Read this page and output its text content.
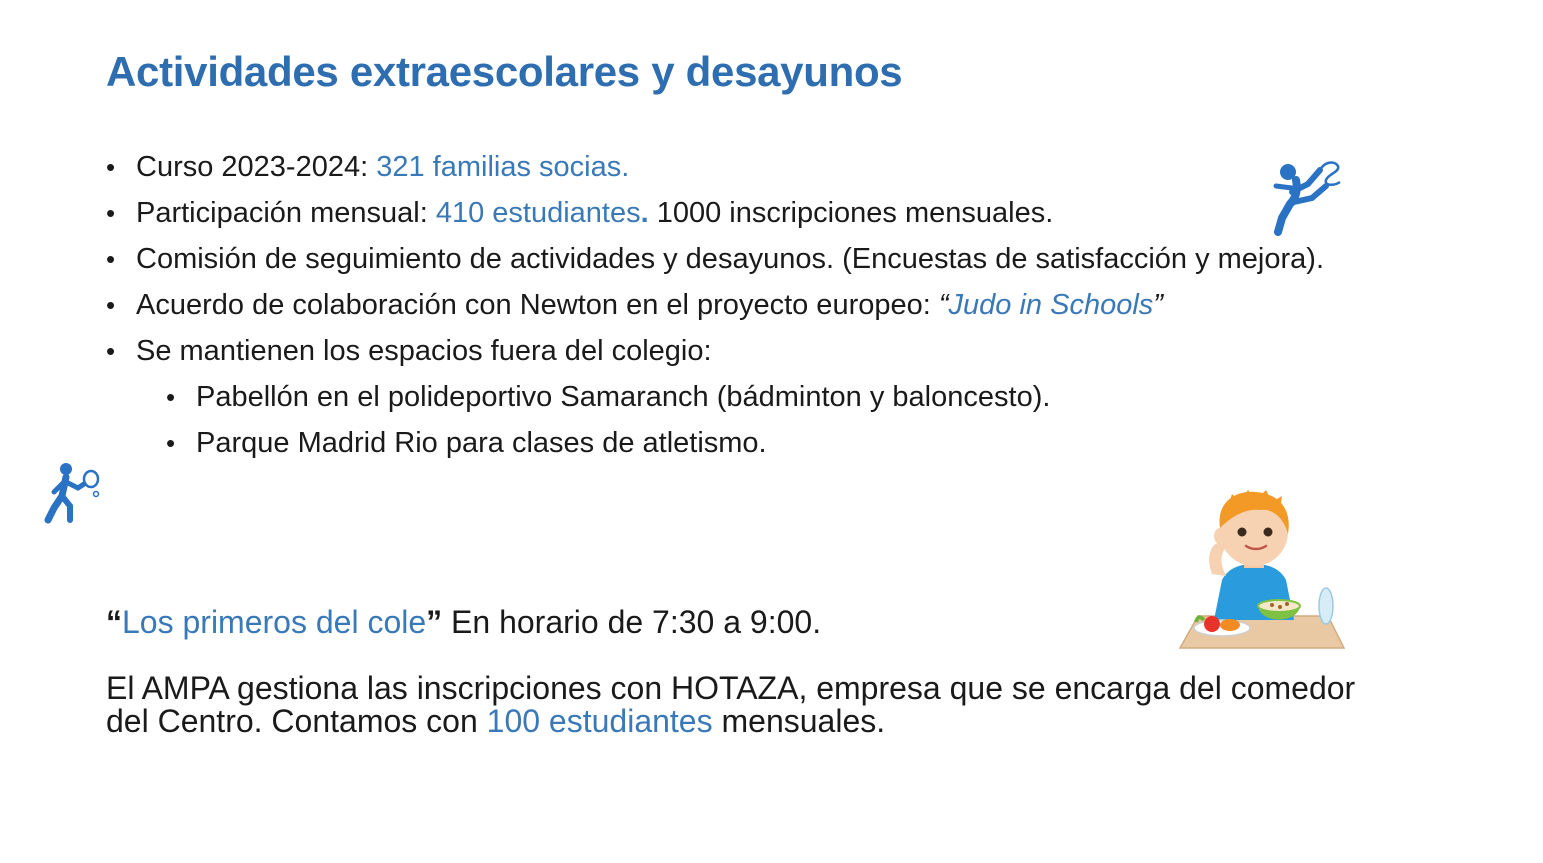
Actividades extraescolares y desayunos

• Curso 2023-2024: 321 familias socias.

• Participación mensual: 410 estudiantes. 1000 inscripciones mensuales.

• Comisión de seguimiento de actividades y desayunos. (Encuestas de satisfacción y mejora).

• Acuerdo de colaboración con Newton en el proyecto europeo: “Judo in Schools”

• Se mantienen los espacios fuera del colegio:

• Pabellón en el polideportivo Samaranch (bádminton y baloncesto).

• Parque Madrid Rio para clases de atletismo.

“Los primeros del cole” En horario de 7:30 a 9:00.

El AMPA gestiona las inscripciones con HOTAZA, empresa que se encarga del comedor del Centro. Contamos con 100 estudiantes mensuales.
